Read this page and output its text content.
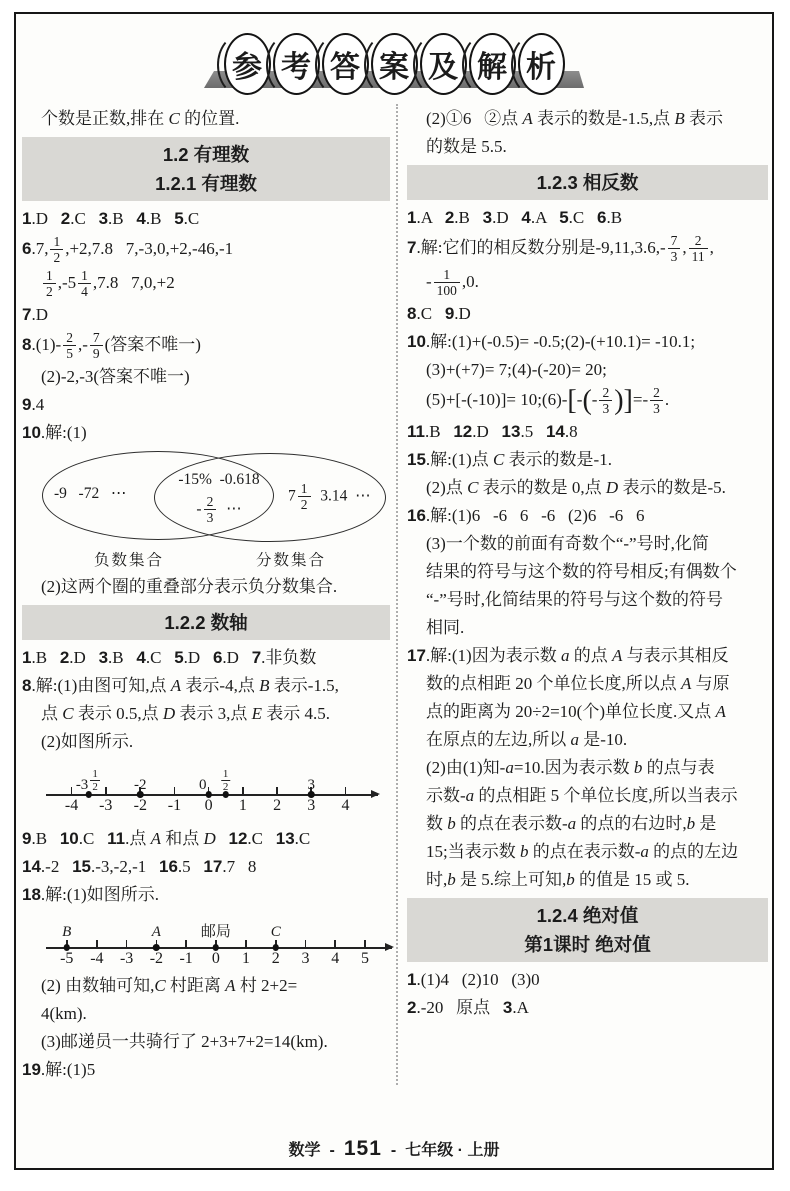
参 考 答 案 及 解 析
个数是正数,排在 C 的位置.
1.2 有理数
1.2.1 有理数
1.D   2.C   3.B   4.B   5.C
6.7, $\frac{1}{2} ,+2,7.8$   7,-3,0,+2,-46,-1
$\frac{1}{2} ,-5 \frac{1}{4} ,7.8$   7,0,+2
7.D
$8.(1)- \frac{2}{5}$ ,- $\frac{7}{9}$ (答案不唯一)
(2)-2,-3(答案不唯一)
9.4
10.解:(1)
-9   -72   ⋯
-15%  -0.618
- $\frac{2}{3}$ ⋯
$7 \frac{1}{2} 3.14$  ⋯
负数集合	分数集合
(2)这两个圈的重叠部分表示负分数集合.
1.2.2 数轴
1.B   2.D   3.B   4.C   5.D   6.D   7.非负数
8.解:(1)由图可知,点 A 表示-4,点 B 表示-1.5,
点 C 表示 0.5,点 D 表示 3,点 E 表示 4.5.
(2)如图所示.
-4 -3 -2 -1 0 1 2 3 4
$-3 \frac{1}{2} -2$	$0 \frac{1}{2}$	3
9.B   10.C   11.点 A 和点 D 12.C   13.C
14.-2   15.-3,-2,-1   16.5   17.7   8
18.解:(1)如图所示.
-5 -4 -3 -2 -1 0 1 2 3 4 5
B	A	邮局	C
(2) 由数轴可知,C 村距离 A 村 2+2=
4(km).
(3)邮递员一共骑行了 2+3+7+2=14(km).
19.解:(1)5
(2)①6   ②点 A 表示的数是-1.5,点 B 表示
的数是 5.5.
1.2.3 相反数
1.A   2.B   3.D   4.A   5.C   6.B
7.解:它们的相反数分别是$-9,11,3.6,- \frac{7}{3}$ , $\frac{2}{11}$ ,
- $\frac{1}{100} ,0$.
8.C   9.D
10.解:(1)+(-0.5)= -0.5;(2)-(+10.1)= -10.1;
(3)+(+7)= 7;(4)-(-20)= 20;
(5)+[-(-10)]= 10;(6)-[-(- $\frac{2}{3}$ )]=- $\frac{2}{3}$ .
11.B   12.D   13.5   14.8
15.解:(1)点 C 表示的数是-1.
(2)点 C 表示的数是 0,点 D 表示的数是-5.
16.解:(1)6   -6   6   -6   (2)6   -6   6
(3)一个数的前面有奇数个“-”号时,化简
结果的符号与这个数的符号相反;有偶数个
“-”号时,化简结果的符号与这个数的符号
相同.
17.解:(1)因为表示数 a 的点 A 与表示其相反
数的点相距 20 个单位长度,所以点 A 与原
点的距离为 20÷2=10(个)单位长度.又点 A
在原点的左边,所以 a 是-10.
(2)由(1)知-a=10.因为表示数 b 的点与表
示数-a 的点相距 5 个单位长度,所以当表示
数 b 的点在表示数-a 的点的右边时,b 是
15;当表示数 b 的点在表示数-a 的点的左边
时,b 是 5.综上可知,b 的值是 15 或 5.
1.2.4 绝对值
第1课时 绝对值
1.(1)4   (2)10   (3)0
2.-20   原点   3.A
数学 - 151 - 七年级 · 上册
